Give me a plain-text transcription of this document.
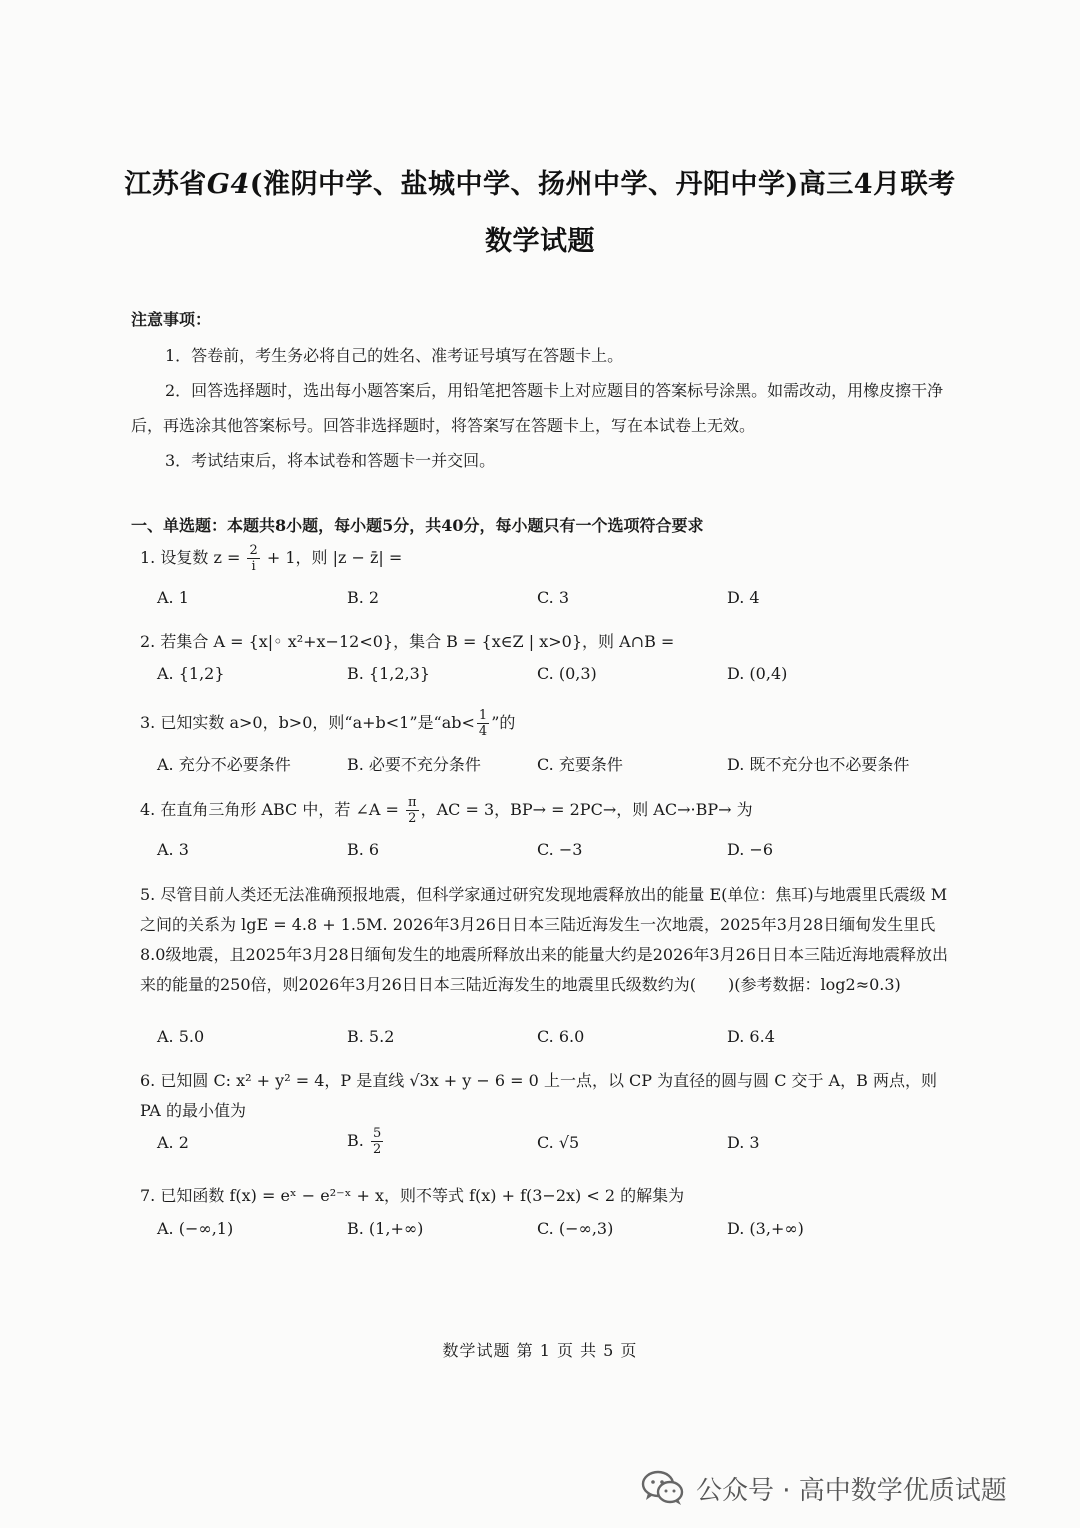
江苏省G4(淮阴中学、盐城中学、扬州中学、丹阳中学)高三4月联考
数学试题
注意事项：
1．答卷前，考生务必将自己的姓名、准考证号填写在答题卡上。
2．回答选择题时，选出每小题答案后，用铅笔把答题卡上对应题目的答案标号涂黑。如需改动，用橡皮擦干净后，再选涂其他答案标号。回答非选择题时，将答案写在答题卡上，写在本试卷上无效。
3．考试结束后，将本试卷和答题卡一并交回。
一、单选题：本题共8小题，每小题5分，共40分，每小题只有一个选项符合要求
1. 设复数 $z = \frac{2}{i} + 1$，则 |z − z̄| =
A. 1	B. 2	C. 3	D. 4
2. 若集合 A = {x|◦ x²+x−12<0}，集合 B = {x∈Z | x>0}，则 A∩B =
A. {1,2}	B. {1,2,3}	C. (0,3)	D. (0,4)
3. 已知实数 a>0，b>0，则“a+b<1”是“$ab< \frac{1}{4}$ ”的
A. 充分不必要条件	B. 必要不充分条件	C. 充要条件	D. 既不充分也不必要条件
4. 在直角三角形 ABC 中，若 ∠A = $\frac{\pi}{2}$ ，AC = 3，BP→ = 2PC→，则 AC→·BP→ 为
A. 3	B. 6	C. −3	D. −6
5. 尽管目前人类还无法准确预报地震，但科学家通过研究发现地震释放出的能量 E(单位：焦耳)与地震里氏震级 M 之间的关系为 lgE = 4.8 + 1.5M. 2026年3月26日日本三陆近海发生一次地震，2025年3月28日缅甸发生里氏8.0级地震，且2025年3月28日缅甸发生的地震所释放出来的能量大约是2026年3月26日日本三陆近海地震释放出来的能量的250倍，则2026年3月26日日本三陆近海发生的地震里氏级数约为(　　)(参考数据：log2≈0.3)
A. 5.0	B. 5.2	C. 6.0	D. 6.4
6. 已知圆 C: x² + y² = 4，P 是直线 √3x + y − 6 = 0 上一点，以 CP 为直径的圆与圆 C 交于 A，B 两点，则 PA 的最小值为
A. 2	B. $\frac{5}{2}$	C. √5	D. 3
7. 已知函数 f(x) = eˣ − e²⁻ˣ + x，则不等式 f(x) + f(3−2x) < 2 的解集为
A. (−∞,1)	B. (1,+∞)	C. (−∞,3)	D. (3,+∞)
数学试题 第 1 页 共 5 页
公众号 · 高中数学优质试题
